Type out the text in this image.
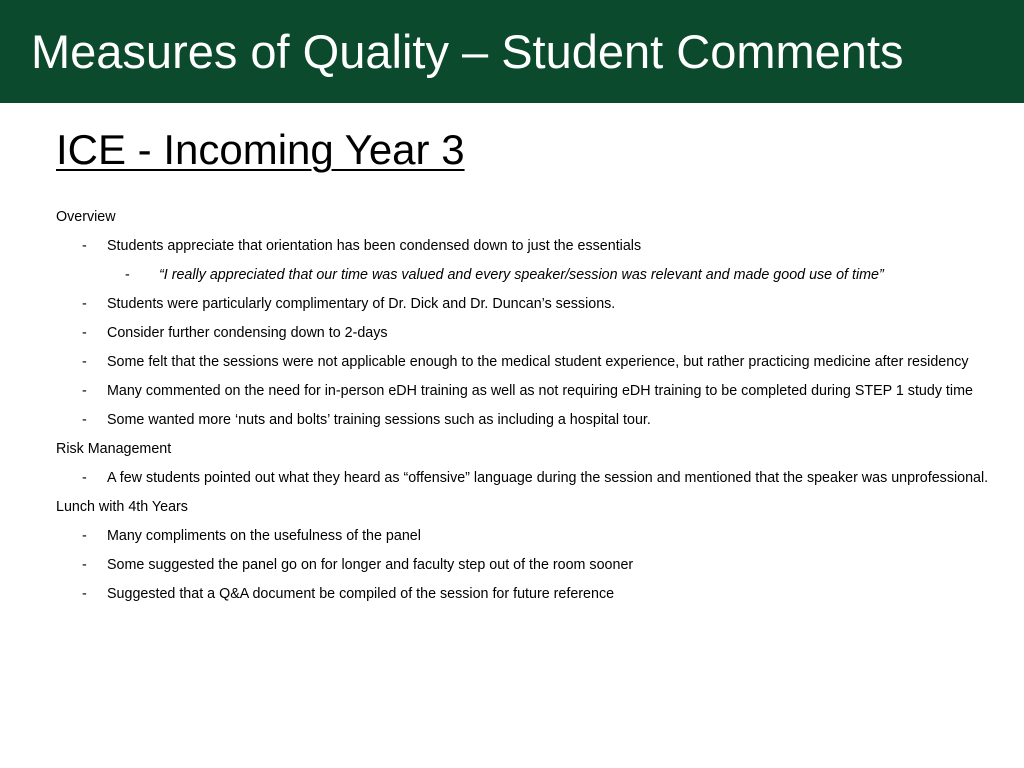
Measures of Quality – Student Comments
ICE - Incoming Year 3
Overview
- Students appreciate that orientation has been condensed down to just the essentials
- “I really appreciated that our time was valued and every speaker/session was relevant and made good use of time”
- Students were particularly complimentary of Dr. Dick and Dr. Duncan’s sessions.
- Consider further condensing down to 2-days
- Some felt that the sessions were not applicable enough to the medical student experience, but rather practicing medicine after residency
- Many commented on the need for in-person eDH training as well as not requiring eDH training to be completed during STEP 1 study time
- Some wanted more ‘nuts and bolts’ training sessions such as including a hospital tour.
Risk Management
- A few students pointed out what they heard as “offensive” language during the session and mentioned that the speaker was unprofessional.
Lunch with 4th Years
- Many compliments on the usefulness of the panel
- Some suggested the panel go on for longer and faculty step out of the room sooner
- Suggested that a Q&A document be compiled of the session for future reference
